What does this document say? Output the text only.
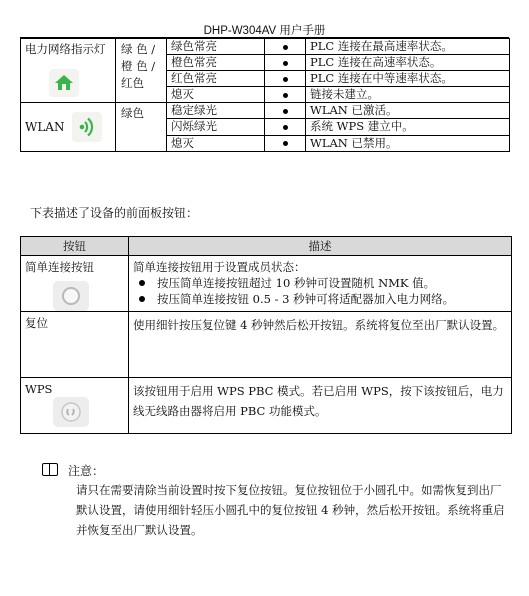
DHP-W304AV 用户手册
电力网络指示灯	绿 色 / 橙 色 / 红色	绿色常亮		PLC 连接在最高速率状态。
		橙色常亮		PLC 连接在高速率状态。
		红色常亮		PLC 连接在中等速率状态。
		熄灭		链接未建立。

WLAN	绿色	稳定绿光		WLAN 已激活。
		闪烁绿光		系统 WPS 建立中。
		熄灭		WLAN 已禁用。
下表描述了设备的前面板按钮：
按钮	描述

简单连接按钮	简单连接按钮用于设置成员状态：
按压简单连接按钮超过 10 秒钟可设置随机 NMK 值。
按压简单连接按钮 0.5 - 3 秒钟可将适配器加入电力网络。

复位	使用细针按压复位键 4 秒钟然后松开按钮。系统将复位至出厂默认设置。

WPS	该按钮用于启用 WPS PBC 模式。若已启用 WPS，按下该按钮后，电力线无线路由器将启用 PBC 功能模式。
注意：
请只在需要清除当前设置时按下复位按钮。复位按钮位于小圆孔中。如需恢复到出厂默认设置，请使用细针轻压小圆孔中的复位按钮 4 秒钟，然后松开按钮。系统将重启并恢复至出厂默认设置。
